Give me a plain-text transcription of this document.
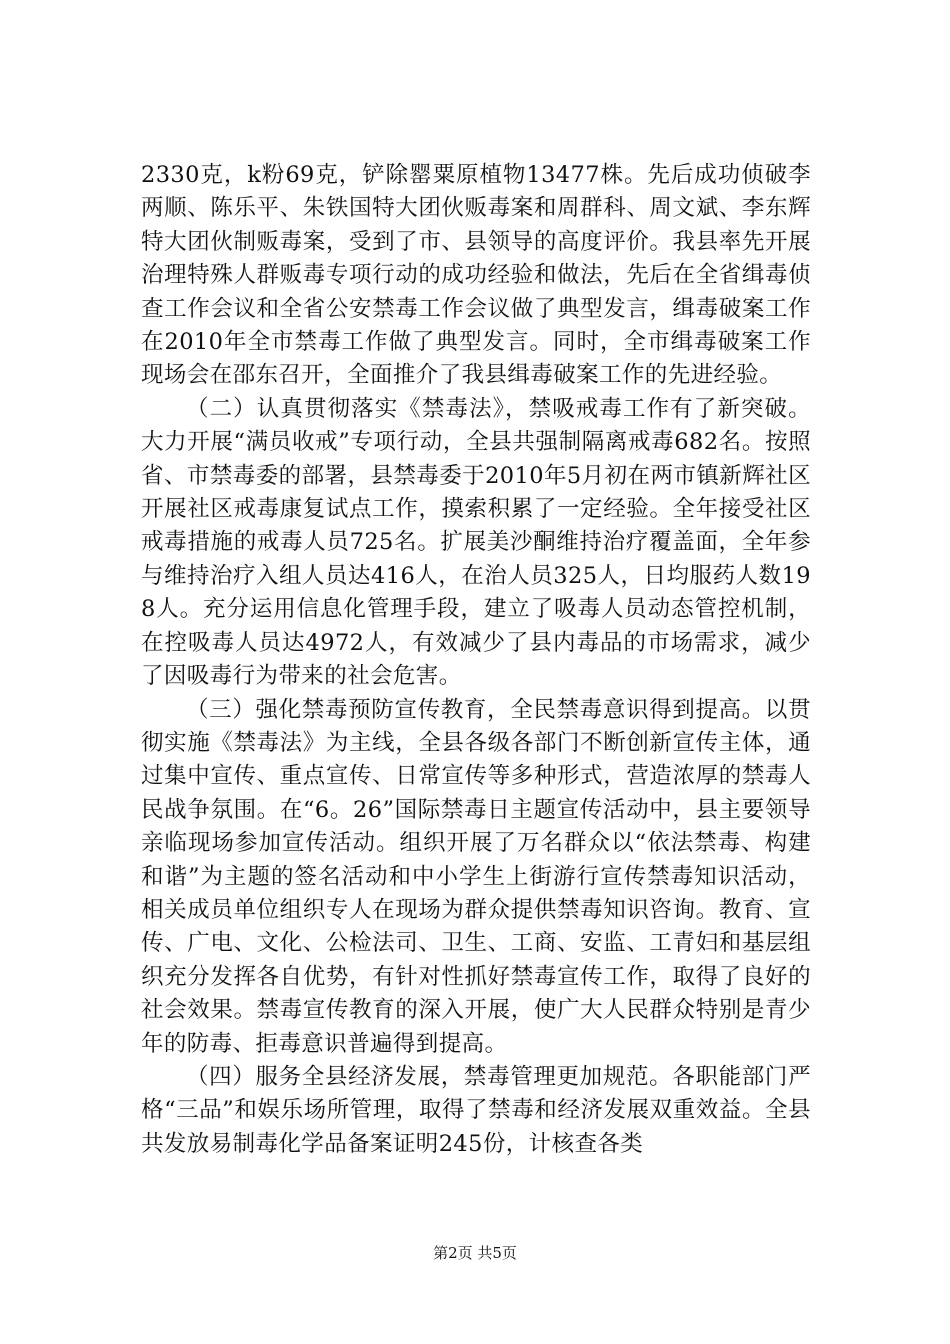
2330克，k粉69克，铲除罂粟原植物13477株。先后成功侦破李两顺、陈乐平、朱铁国特大团伙贩毒案和周群科、周文斌、李东辉特大团伙制贩毒案，受到了市、县领导的高度评价。我县率先开展治理特殊人群贩毒专项行动的成功经验和做法，先后在全省缉毒侦查工作会议和全省公安禁毒工作会议做了典型发言，缉毒破案工作在2010年全市禁毒工作做了典型发言。同时，全市缉毒破案工作现场会在邵东召开，全面推介了我县缉毒破案工作的先进经验。

（二）认真贯彻落实《禁毒法》，禁吸戒毒工作有了新突破。大力开展“满员收戒”专项行动，全县共强制隔离戒毒682名。按照省、市禁毒委的部署，县禁毒委于2010年5月初在两市镇新辉社区开展社区戒毒康复试点工作，摸索积累了一定经验。全年接受社区戒毒措施的戒毒人员725名。扩展美沙酮维持治疗覆盖面，全年参与维持治疗入组人员达416人，在治人员325人，日均服药人数198人。充分运用信息化管理手段，建立了吸毒人员动态管控机制，在控吸毒人员达4972人，有效减少了县内毒品的市场需求，减少了因吸毒行为带来的社会危害。

（三）强化禁毒预防宣传教育，全民禁毒意识得到提高。以贯彻实施《禁毒法》为主线，全县各级各部门不断创新宣传主体，通过集中宣传、重点宣传、日常宣传等多种形式，营造浓厚的禁毒人民战争氛围。在“6。26”国际禁毒日主题宣传活动中，县主要领导亲临现场参加宣传活动。组织开展了万名群众以“依法禁毒、构建和谐”为主题的签名活动和中小学生上街游行宣传禁毒知识活动，相关成员单位组织专人在现场为群众提供禁毒知识咨询。教育、宣传、广电、文化、公检法司、卫生、工商、安监、工青妇和基层组织充分发挥各自优势，有针对性抓好禁毒宣传工作，取得了良好的社会效果。禁毒宣传教育的深入开展，使广大人民群众特别是青少年的防毒、拒毒意识普遍得到提高。

（四）服务全县经济发展，禁毒管理更加规范。各职能部门严格“三品”和娱乐场所管理，取得了禁毒和经济发展双重效益。全县共发放易制毒化学品备案证明245份，计核查各类

第2页 共5页
